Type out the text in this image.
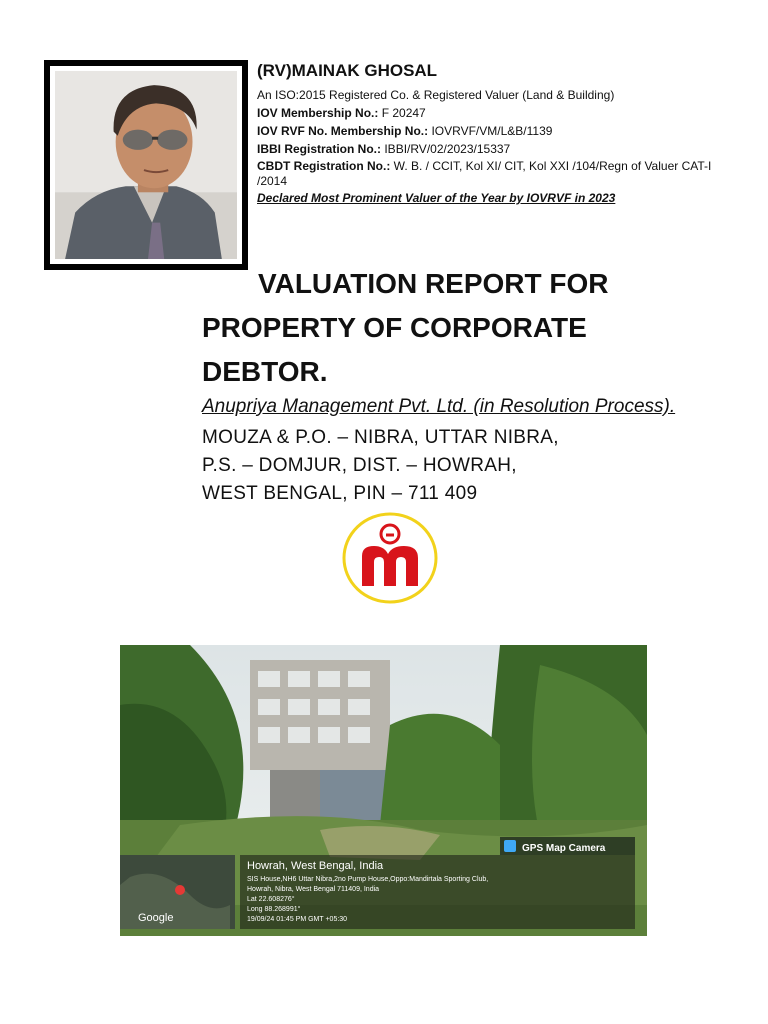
(RV)MAINAK GHOSAL

An ISO:2015 Registered Co. & Registered Valuer (Land & Building)

IOV Membership No.: F 20247

IOV RVF No. Membership No.: IOVRVF/VM/L&B/1139

IBBI Registration No.: IBBI/RV/02/2023/15337

CBDT Registration No.: W. B. / CCIT, Kol XI/ CIT, Kol XXI /104/Regn of Valuer CAT-I /2014

Declared Most Prominent Valuer of the Year by IOVRVF in 2023
VALUATION REPORT FOR
PROPERTY OF CORPORATE
DEBTOR.
Anupriya Management Pvt. Ltd. (in Resolution Process).
MOUZA & P.O. – NIBRA, UTTAR NIBRA,
P.S. – DOMJUR, DIST. – HOWRAH,
WEST BENGAL, PIN – 711 409
GPS Map Camera
Howrah, West Bengal, India
SIS House,NH6 Uttar Nibra,2no Pump House,Oppo:Mandirtala Sporting Club,
Howrah, Nibra, West Bengal 711409, India
Lat 22.608276°
Long 88.268991°
19/09/24 01:45 PM GMT +05:30
Google
